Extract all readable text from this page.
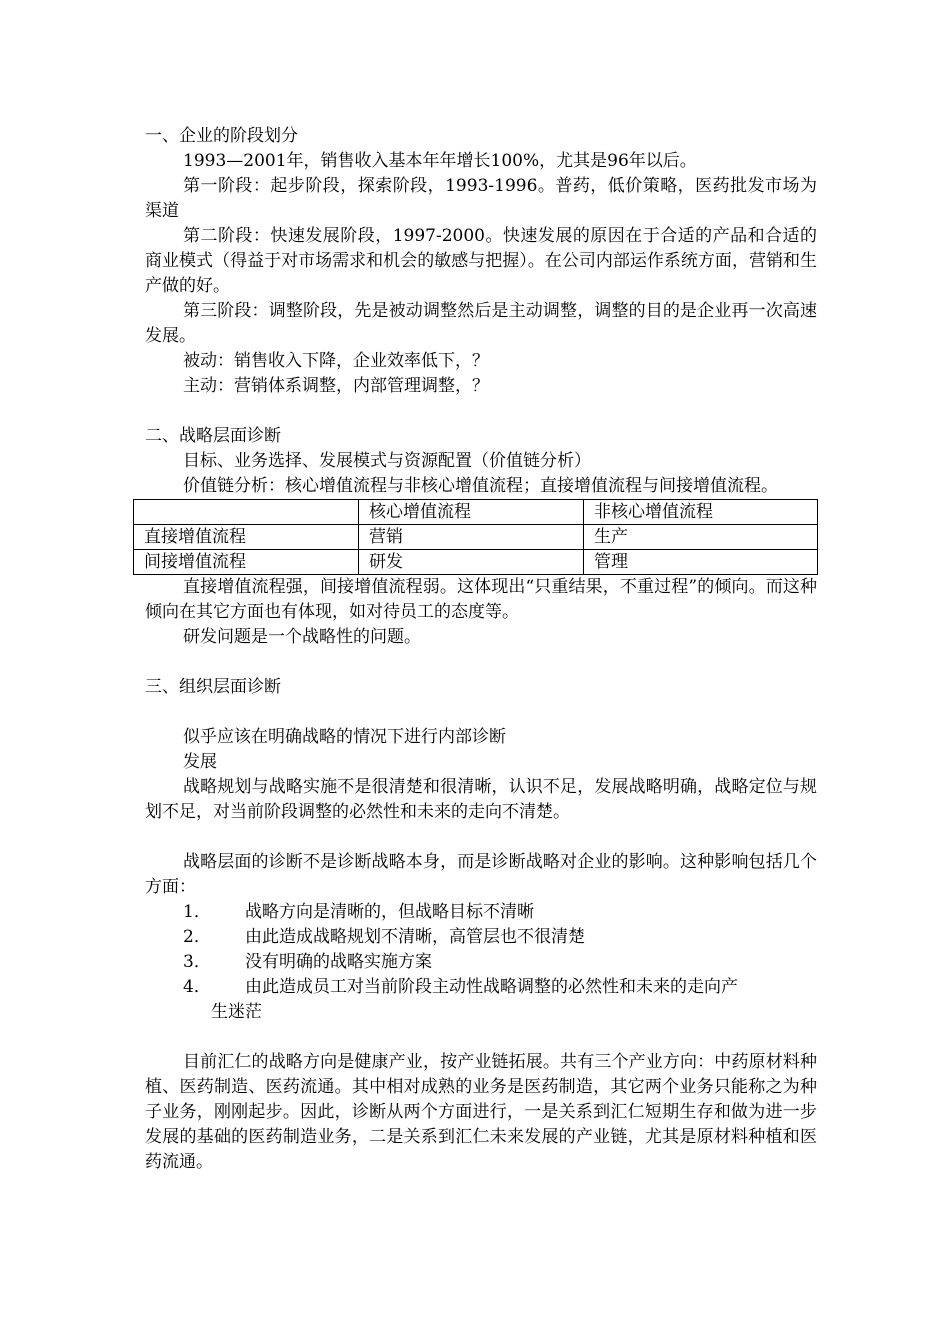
一、企业的阶段划分

1993—2001年，销售收入基本年年增长100%，尤其是96年以后。

第一阶段：起步阶段，探索阶段，1993-1996。普药，低价策略，医药批发市场为渠道

第二阶段：快速发展阶段，1997-2000。快速发展的原因在于合适的产品和合适的商业模式（得益于对市场需求和机会的敏感与把握）。在公司内部运作系统方面，营销和生产做的好。

第三阶段：调整阶段，先是被动调整然后是主动调整，调整的目的是企业再一次高速发展。

被动：销售收入下降，企业效率低下，？

主动：营销体系调整，内部管理调整，？

二、战略层面诊断

目标、业务选择、发展模式与资源配置（价值链分析）

价值链分析：核心增值流程与非核心增值流程；直接增值流程与间接增值流程。

	核心增值流程	非核心增值流程
直接增值流程	营销	生产
间接增值流程	研发	管理

直接增值流程强，间接增值流程弱。这体现出“只重结果，不重过程”的倾向。而这种倾向在其它方面也有体现，如对待员工的态度等。

研发问题是一个战略性的问题。

三、组织层面诊断

似乎应该在明确战略的情况下进行内部诊断

发展

战略规划与战略实施不是很清楚和很清晰，认识不足，发展战略明确，战略定位与规划不足，对当前阶段调整的必然性和未来的走向不清楚。

战略层面的诊断不是诊断战略本身，而是诊断战略对企业的影响。这种影响包括几个方面：

1． 战略方向是清晰的，但战略目标不清晰
2． 由此造成战略规划不清晰，高管层也不很清楚
3． 没有明确的战略实施方案
4． 由此造成员工对当前阶段主动性战略调整的必然性和未来的走向产
生迷茫

目前汇仁的战略方向是健康产业，按产业链拓展。共有三个产业方向：中药原材料种植、医药制造、医药流通。其中相对成熟的业务是医药制造，其它两个业务只能称之为种子业务，刚刚起步。因此，诊断从两个方面进行，一是关系到汇仁短期生存和做为进一步发展的基础的医药制造业务，二是关系到汇仁未来发展的产业链，尤其是原材料种植和医药流通。
